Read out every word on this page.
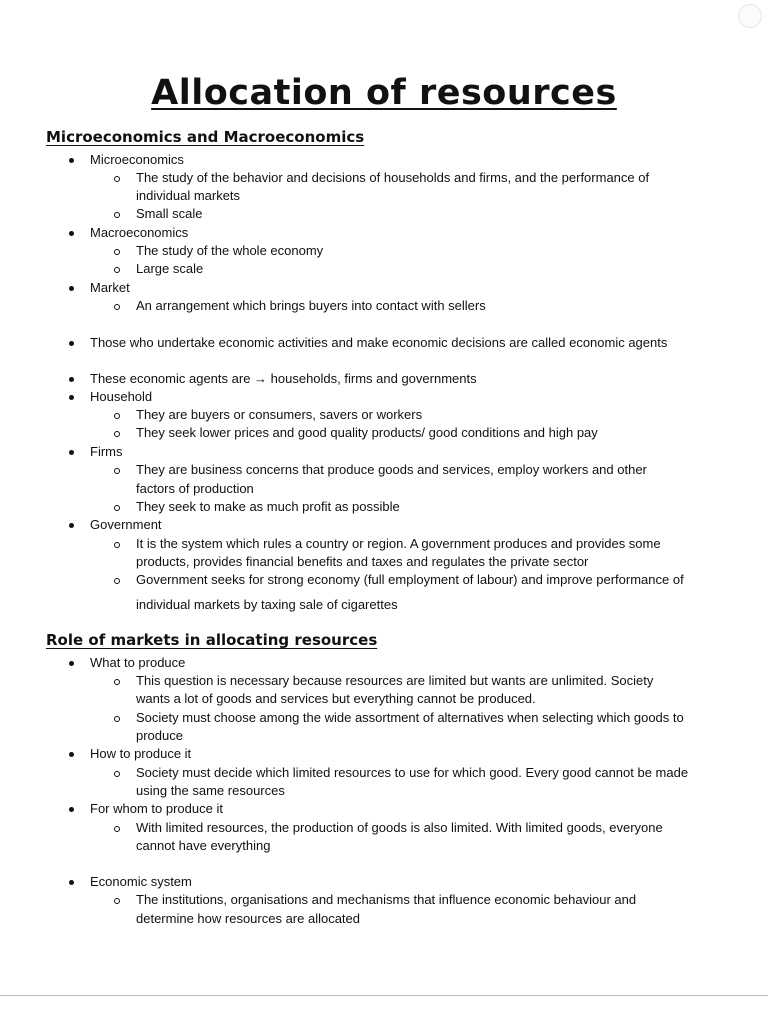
Allocation of resources
Microeconomics and Macroeconomics
Microeconomics
The study of the behavior and decisions of households and firms, and the performance of
individual markets
Small scale
Macroeconomics
The study of the whole economy
Large scale
Market
An arrangement which brings buyers into contact with sellers
Those who undertake economic activities and make economic decisions are called economic agents
These economic agents are → households, firms and governments
Household
They are buyers or consumers, savers or workers
They seek lower prices and good quality products/ good conditions and high pay
Firms
They are business concerns that produce goods and services, employ workers and other
factors of production
They seek to make as much profit as possible
Government
It is the system which rules a country or region. A government produces and provides some
products, provides financial benefits and taxes and regulates the private sector
Government seeks for strong economy (full employment of labour) and improve performance of
individual markets by taxing sale of cigarettes
Role of markets in allocating resources
What to produce
This question is necessary because resources are limited but wants are unlimited. Society
wants a lot of goods and services but everything cannot be produced.
Society must choose among the wide assortment of alternatives when selecting which goods to
produce
How to produce it
Society must decide which limited resources to use for which good. Every good cannot be made
using the same resources
For whom to produce it
With limited resources, the production of goods is also limited. With limited goods, everyone
cannot have everything
Economic system
The institutions, organisations and mechanisms that influence economic behaviour and
determine how resources are allocated
